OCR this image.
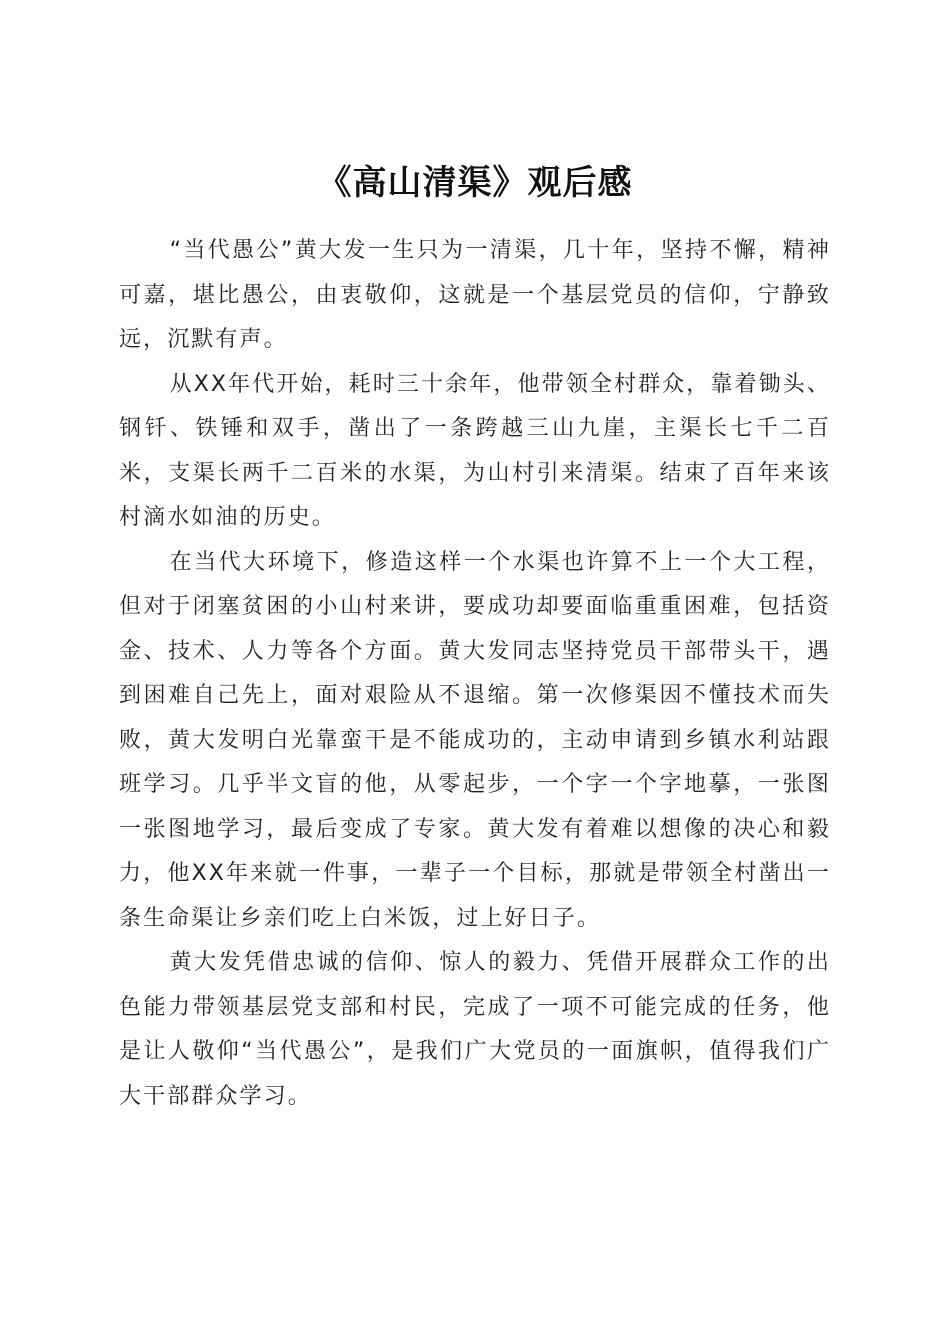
《高山清渠》观后感

“当代愚公”黄大发一生只为一清渠，几十年，坚持不懈，精神可嘉，堪比愚公，由衷敬仰，这就是一个基层党员的信仰，宁静致远，沉默有声。

从XX年代开始，耗时三十余年，他带领全村群众，靠着锄头、钢钎、铁锤和双手，凿出了一条跨越三山九崖，主渠长七千二百米，支渠长两千二百米的水渠，为山村引来清渠。结束了百年来该村滴水如油的历史。

在当代大环境下，修造这样一个水渠也许算不上一个大工程，但对于闭塞贫困的小山村来讲，要成功却要面临重重困难，包括资金、技术、人力等各个方面。黄大发同志坚持党员干部带头干，遇到困难自己先上，面对艰险从不退缩。第一次修渠因不懂技术而失败，黄大发明白光靠蛮干是不能成功的，主动申请到乡镇水利站跟班学习。几乎半文盲的他，从零起步，一个字一个字地摹，一张图一张图地学习，最后变成了专家。黄大发有着难以想像的决心和毅力，他XX年来就一件事，一辈子一个目标，那就是带领全村凿出一条生命渠让乡亲们吃上白米饭，过上好日子。

黄大发凭借忠诚的信仰、惊人的毅力、凭借开展群众工作的出色能力带领基层党支部和村民，完成了一项不可能完成的任务，他是让人敬仰“当代愚公”，是我们广大党员的一面旗帜，值得我们广大干部群众学习。
